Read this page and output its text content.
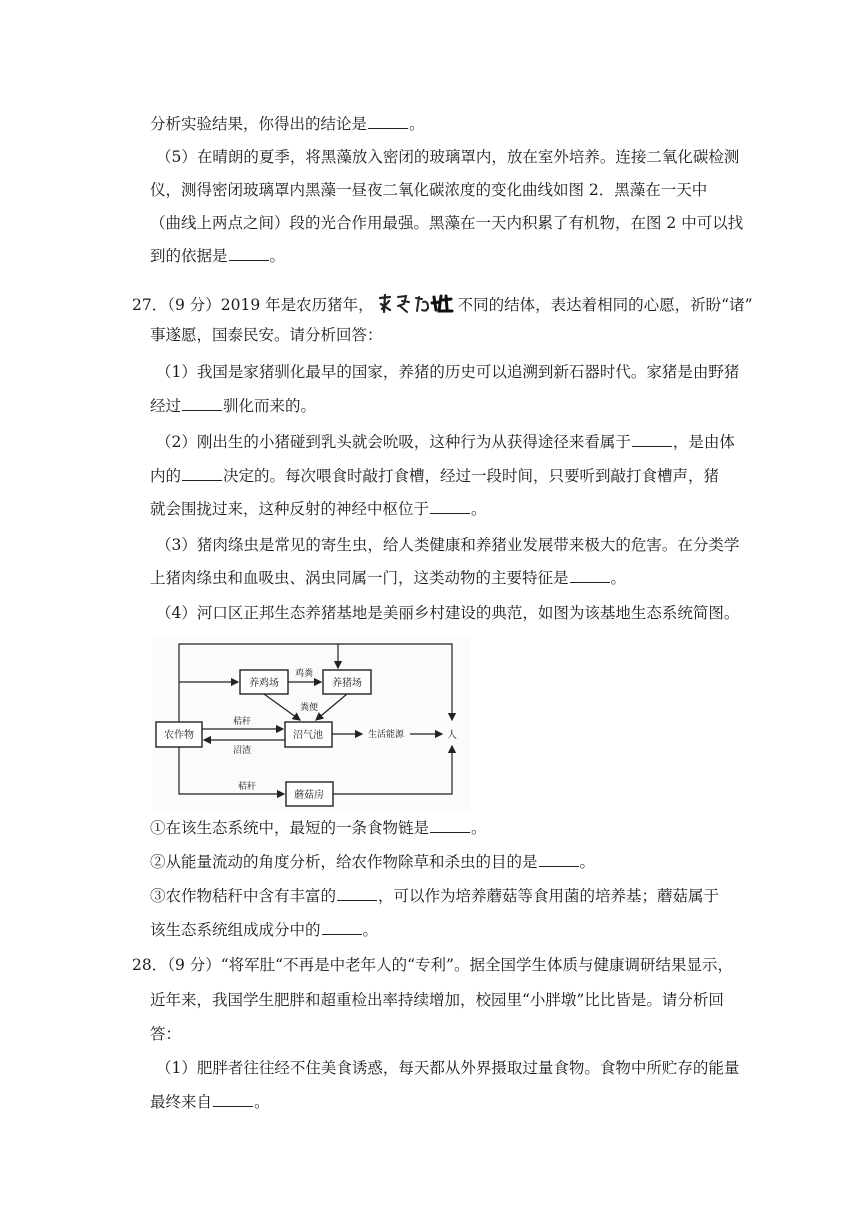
分析实验结果，你得出的结论是	。
（5）在晴朗的夏季，将黑藻放入密闭的玻璃罩内，放在室外培养。连接二氧化碳检测
仪，测得密闭玻璃罩内黑藻一昼夜二氧化碳浓度的变化曲线如图 2．黑藻在一天中
（曲线上两点之间）段的光合作用最强。黑藻在一天内积累了有机物，在图 2 中可以找
到的依据是	。
27．（9 分）2019 年是农历猪年，	不同的结体，表达着相同的心愿，祈盼“诸”
事遂愿，国泰民安。请分析回答：
（1）我国是家猪驯化最早的国家，养猪的历史可以追溯到新石器时代。家猪是由野猪
经过	驯化而来的。
（2）刚出生的小猪碰到乳头就会吮吸，这种行为从获得途径来看属于	，是由体
内的	决定的。每次喂食时敲打食槽，经过一段时间，只要听到敲打食槽声，猪
就会围拢过来，这种反射的神经中枢位于	。
（3）猪肉绦虫是常见的寄生虫，给人类健康和养猪业发展带来极大的危害。在分类学
上猪肉绦虫和血吸虫、涡虫同属一门，这类动物的主要特征是	。
（4）河口区正邦生态养猪基地是美丽乡村建设的典范，如图为该基地生态系统简图。
养鸡场	养猪场
农作物	沼气池
蘑菇房
鸡粪
粪便
秸秆
沼渣
生活能源	人
秸秆
①在该生态系统中，最短的一条食物链是	。
②从能量流动的角度分析，给农作物除草和杀虫的目的是	。
③农作物秸秆中含有丰富的	，可以作为培养蘑菇等食用菌的培养基；蘑菇属于
该生态系统组成成分中的	。
28．（9 分）“将军肚“不再是中老年人的“专利”。据全国学生体质与健康调研结果显示，
近年来，我国学生肥胖和超重检出率持续增加，校园里“小胖墩”比比皆是。请分析回
答：
（1）肥胖者往往经不住美食诱惑，每天都从外界摄取过量食物。食物中所贮存的能量
最终来自	。
